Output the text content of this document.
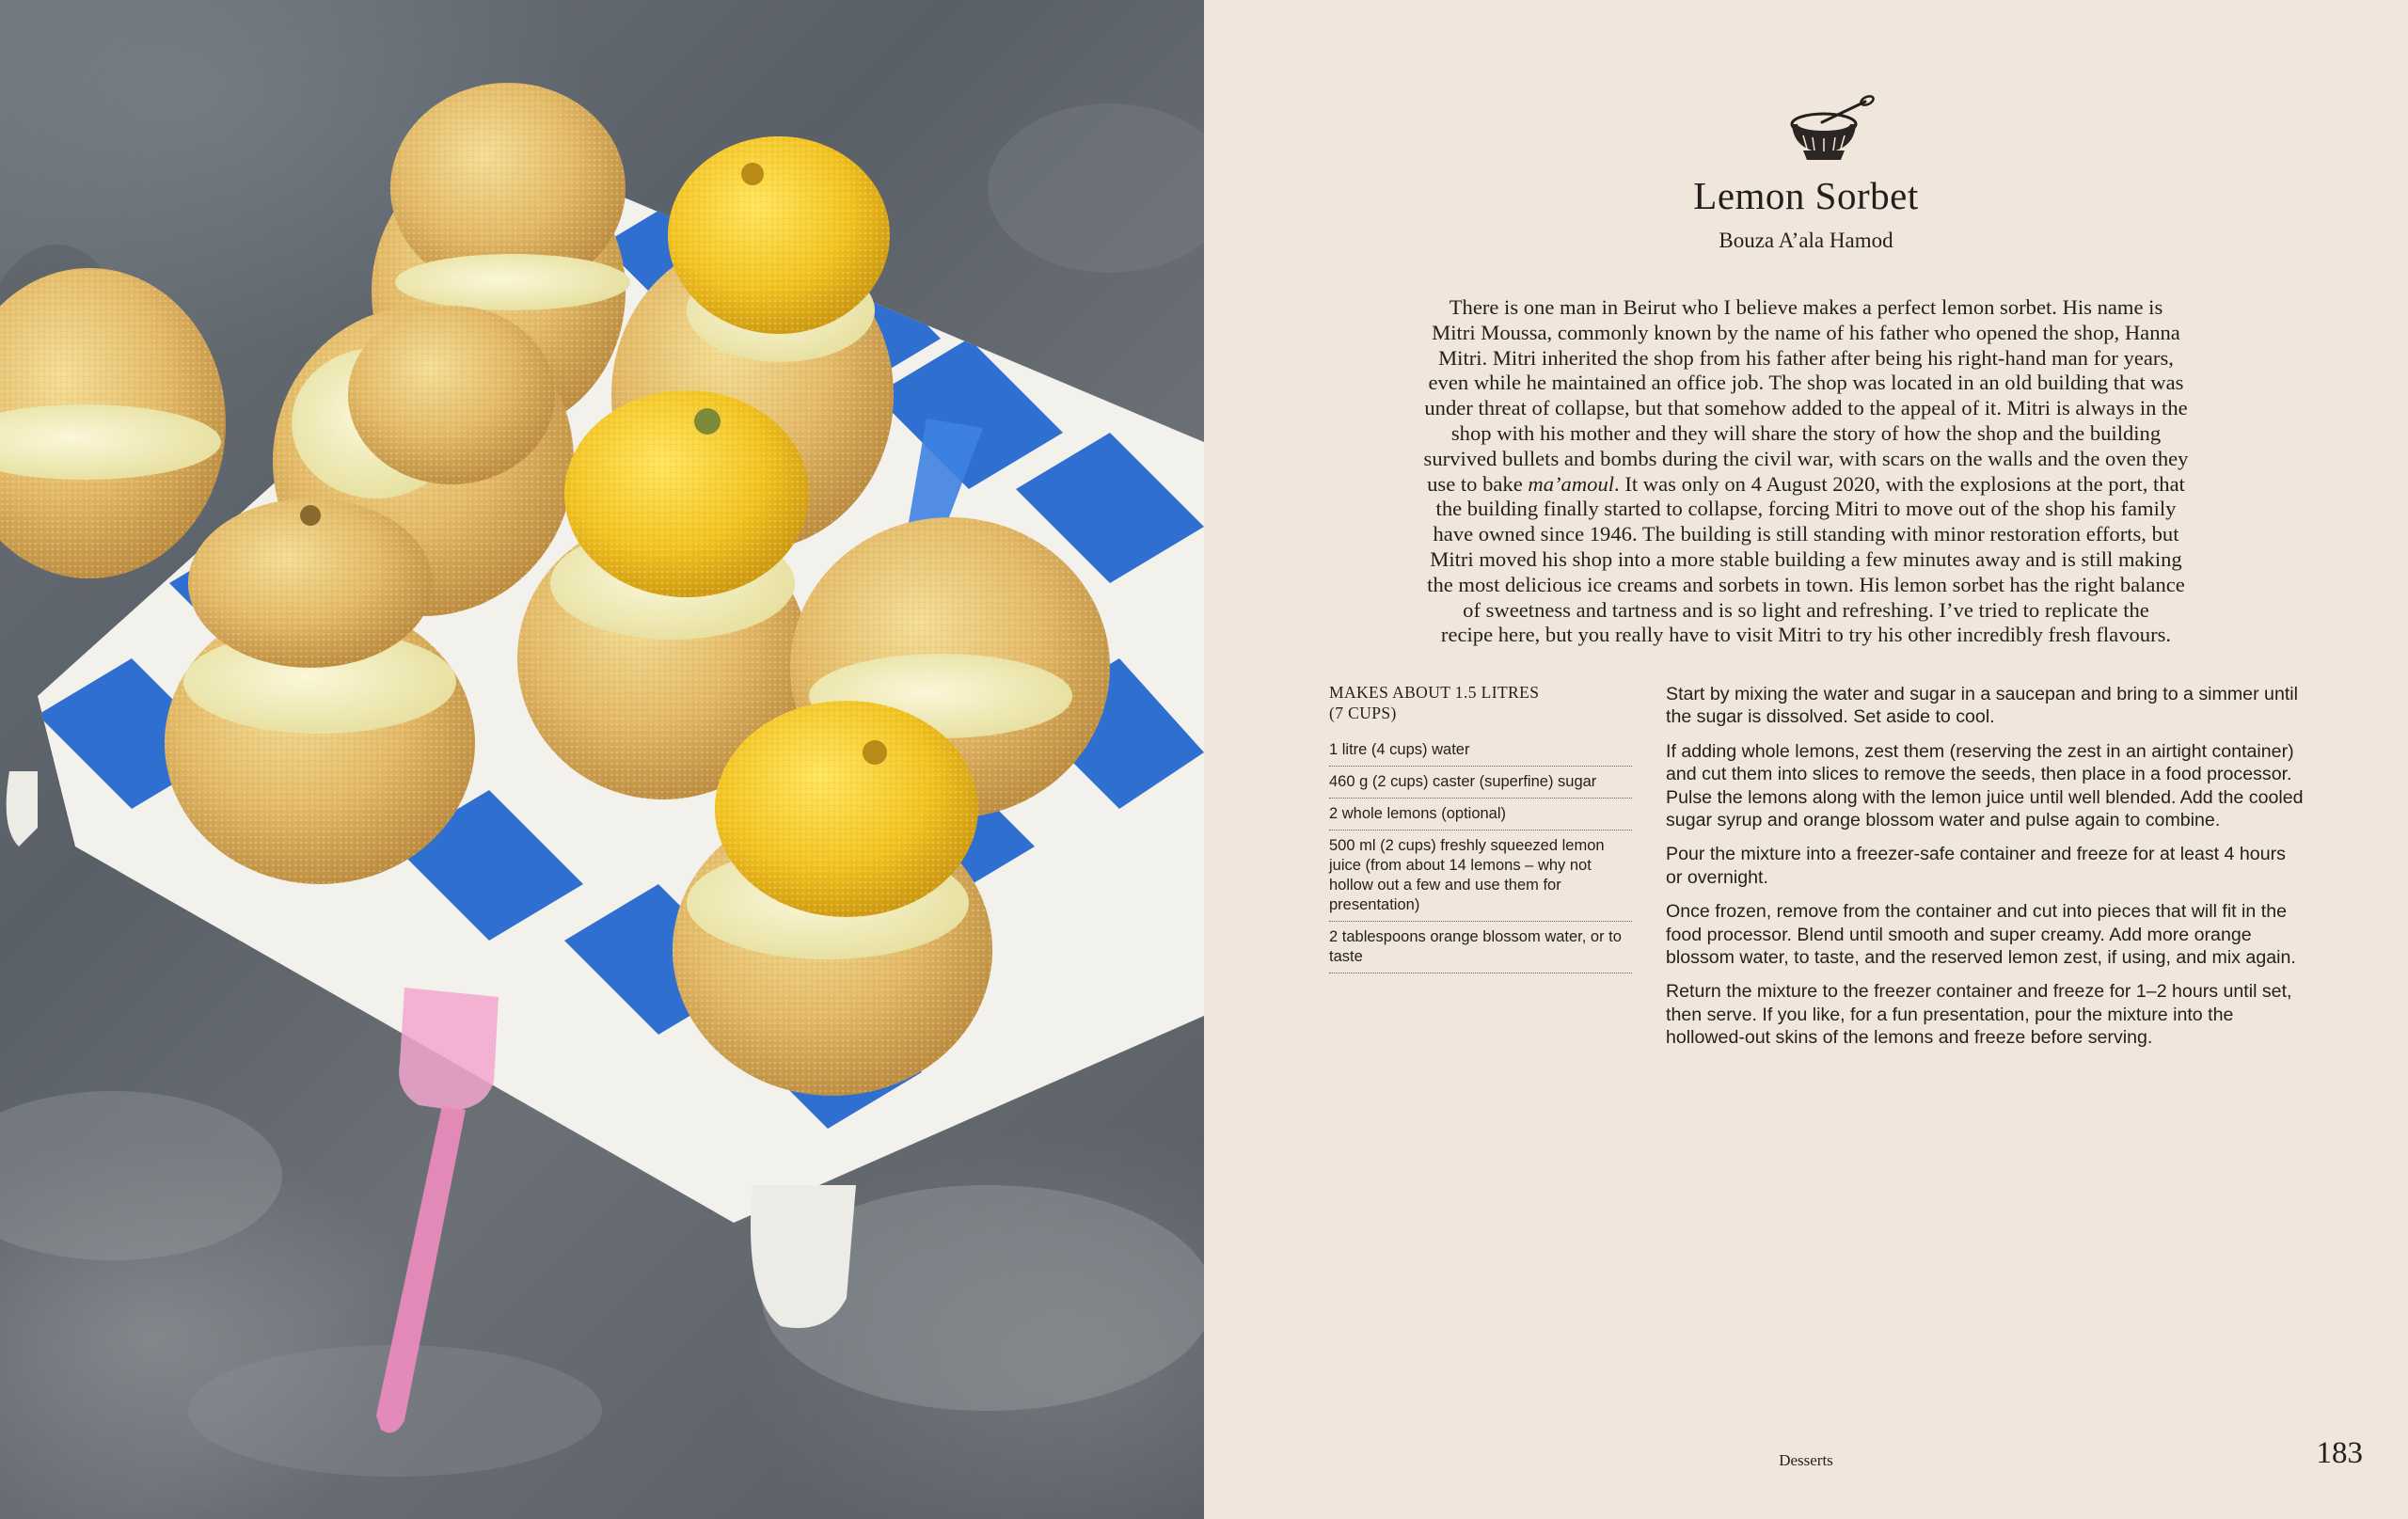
Lemon Sorbet

Bouza A’ala Hamod

There is one man in Beirut who I believe makes a perfect lemon sorbet. His name is

Mitri Moussa, commonly known by the name of his father who opened the shop, Hanna

Mitri. Mitri inherited the shop from his father after being his right-hand man for years,

even while he maintained an office job. The shop was located in an old building that was

under threat of collapse, but that somehow added to the appeal of it. Mitri is always in the

shop with his mother and they will share the story of how the shop and the building

survived bullets and bombs during the civil war, with scars on the walls and the oven they

use to bake ma’amoul. It was only on 4 August 2020, with the explosions at the port, that

the building finally started to collapse, forcing Mitri to move out of the shop his family

have owned since 1946. The building is still standing with minor restoration efforts, but

Mitri moved his shop into a more stable building a few minutes away and is still making

the most delicious ice creams and sorbets in town. His lemon sorbet has the right balance

of sweetness and tartness and is so light and refreshing. I’ve tried to replicate the

recipe here, but you really have to visit Mitri to try his other incredibly fresh flavours.

MAKES ABOUT 1.5 LITRES
(7 CUPS)

1 litre (4 cups) water
460 g (2 cups) caster (superfine) sugar
2 whole lemons (optional)
500 ml (2 cups) freshly squeezed lemon juice (from about 14 lemons – why not hollow out a few and use them for presentation)
2 tablespoons orange blossom water, or to taste

Start by mixing the water and sugar in a saucepan and bring to a simmer until the sugar is dissolved. Set aside to cool.

If adding whole lemons, zest them (reserving the zest in an airtight container) and cut them into slices to remove the seeds, then place in a food processor. Pulse the lemons along with the lemon juice until well blended. Add the cooled sugar syrup and orange blossom water and pulse again to combine.

Pour the mixture into a freezer-safe container and freeze for at least 4 hours or overnight.

Once frozen, remove from the container and cut into pieces that will fit in the food processor. Blend until smooth and super creamy. Add more orange blossom water, to taste, and the reserved lemon zest, if using, and mix again.

Return the mixture to the freezer container and freeze for 1–2 hours until set, then serve. If you like, for a fun presentation, pour the mixture into the hollowed-out skins of the lemons and freeze before serving.

Desserts	183
